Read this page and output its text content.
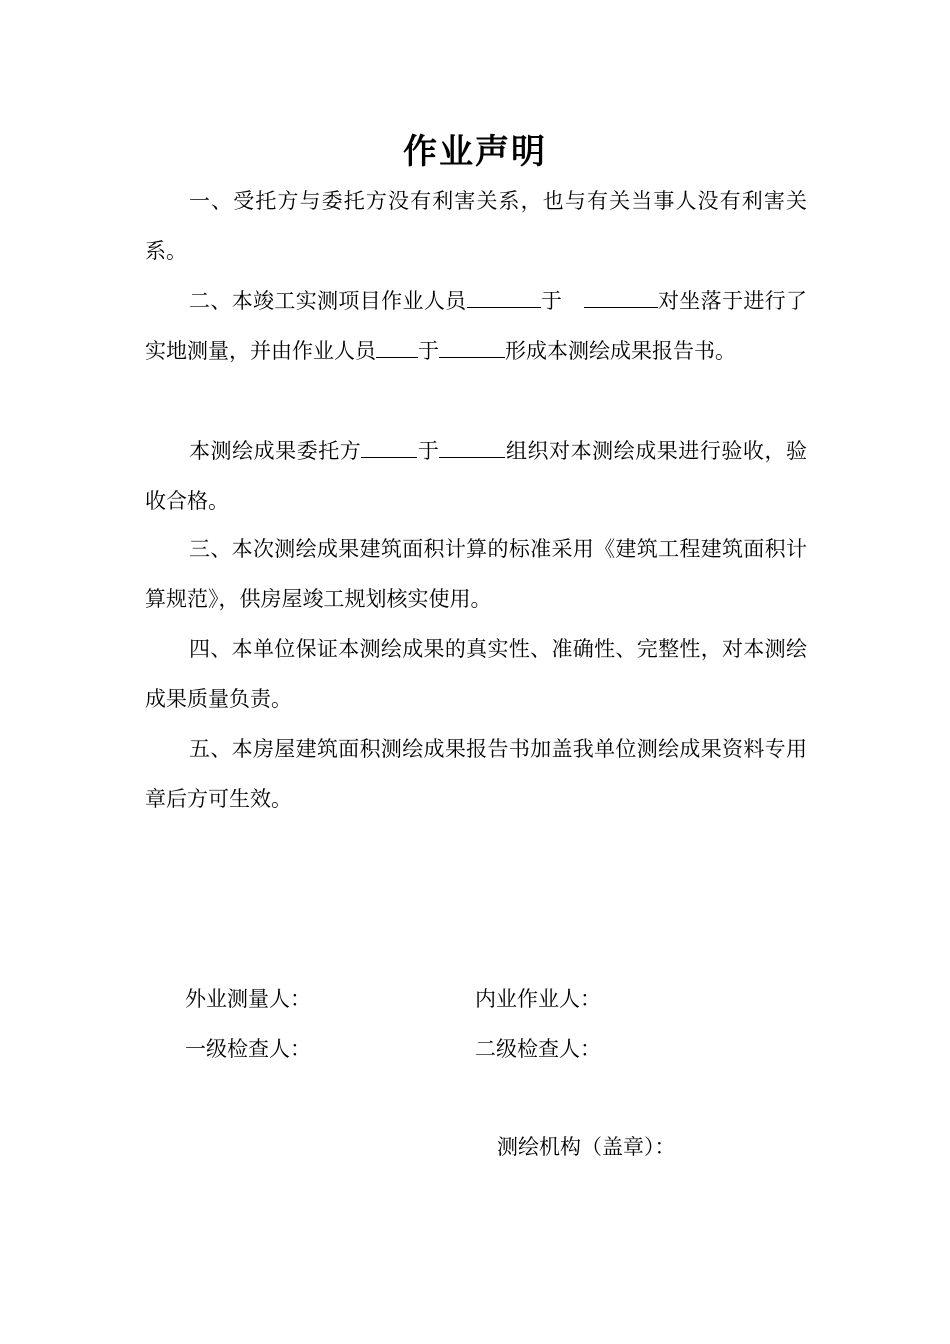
作业声明

一、受托方与委托方没有利害关系，也与有关当事人没有利害关系。

二、本竣工实测项目作业人员	于　	对坐落于进行了实地测量，并由作业人员 于	形成本测绘成果报告书。

本测绘成果委托方	于	组织对本测绘成果进行验收，验收合格。

三、本次测绘成果建筑面积计算的标准采用《建筑工程建筑面积计算规范》，供房屋竣工规划核实使用。

四、本单位保证本测绘成果的真实性、准确性、完整性，对本测绘成果质量负责。

五、本房屋建筑面积测绘成果报告书加盖我单位测绘成果资料专用章后方可生效。

外业测量人：	内业作业人：
一级检查人：	二级检查人：
测绘机构（盖章）：
